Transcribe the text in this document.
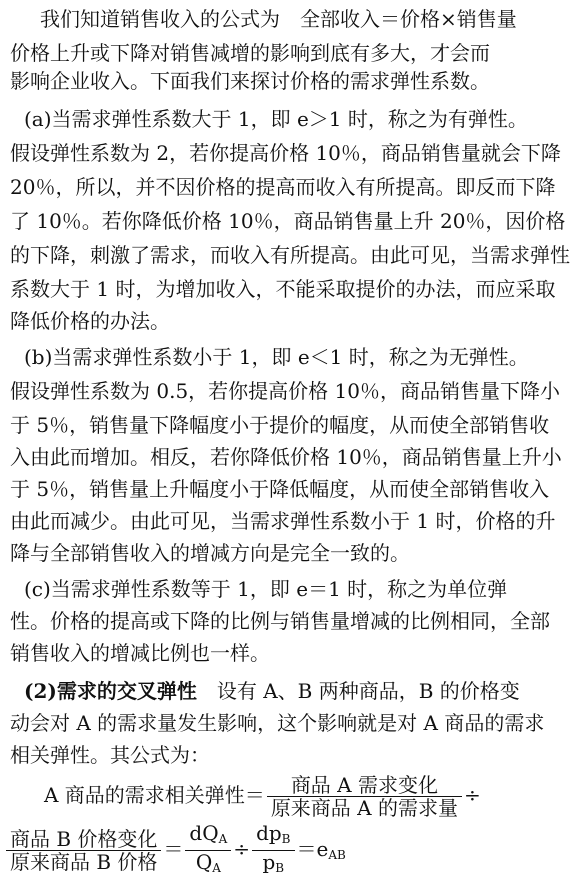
我们知道销售收入的公式为　全部收入＝价格×销售量
价格上升或下降对销售减增的影响到底有多大，才会而
影响企业收入。下面我们来探讨价格的需求弹性系数。
(a)当需求弹性系数大于 1，即 e＞1 时，称之为有弹性。
假设弹性系数为 2，若你提高价格 10％，商品销售量就会下降
20％，所以，并不因价格的提高而收入有所提高。即反而下降
了 10％。若你降低价格 10％，商品销售量上升 20％，因价格
的下降，刺激了需求，而收入有所提高。由此可见，当需求弹性
系数大于 1 时，为增加收入，不能采取提价的办法，而应采取
降低价格的办法。
(b)当需求弹性系数小于 1，即 e＜1 时，称之为无弹性。
假设弹性系数为 0.5，若你提高价格 10％，商品销售量下降小
于 5％，销售量下降幅度小于提价的幅度，从而使全部销售收
入由此而增加。相反，若你降低价格 10％，商品销售量上升小
于 5％，销售量上升幅度小于降低幅度，从而使全部销售收入
由此而减少。由此可见，当需求弹性系数小于 1 时，价格的升
降与全部销售收入的增减方向是完全一致的。
(c)当需求弹性系数等于 1，即 e＝1 时，称之为单位弹
性。价格的提高或下降的比例与销售量增减的比例相同，全部
销售收入的增减比例也一样。
(2)需求的交叉弹性　设有 A、B 两种商品，B 的价格变
动会对 A 的需求量发生影响，这个影响就是对 A 商品的需求
相关弹性。其公式为：
A 商品的需求相关弹性＝ $\frac{\text{商品 A 需求变化}}{\text{原来商品 A 的需求量}}$ ÷
$\frac{\text{商品 B 价格变化}}{\text{原来商品 B 价格}} = \frac{dQ_A}{Q_A} \div \frac{dp_B}{p_B} =e_{AB}$
